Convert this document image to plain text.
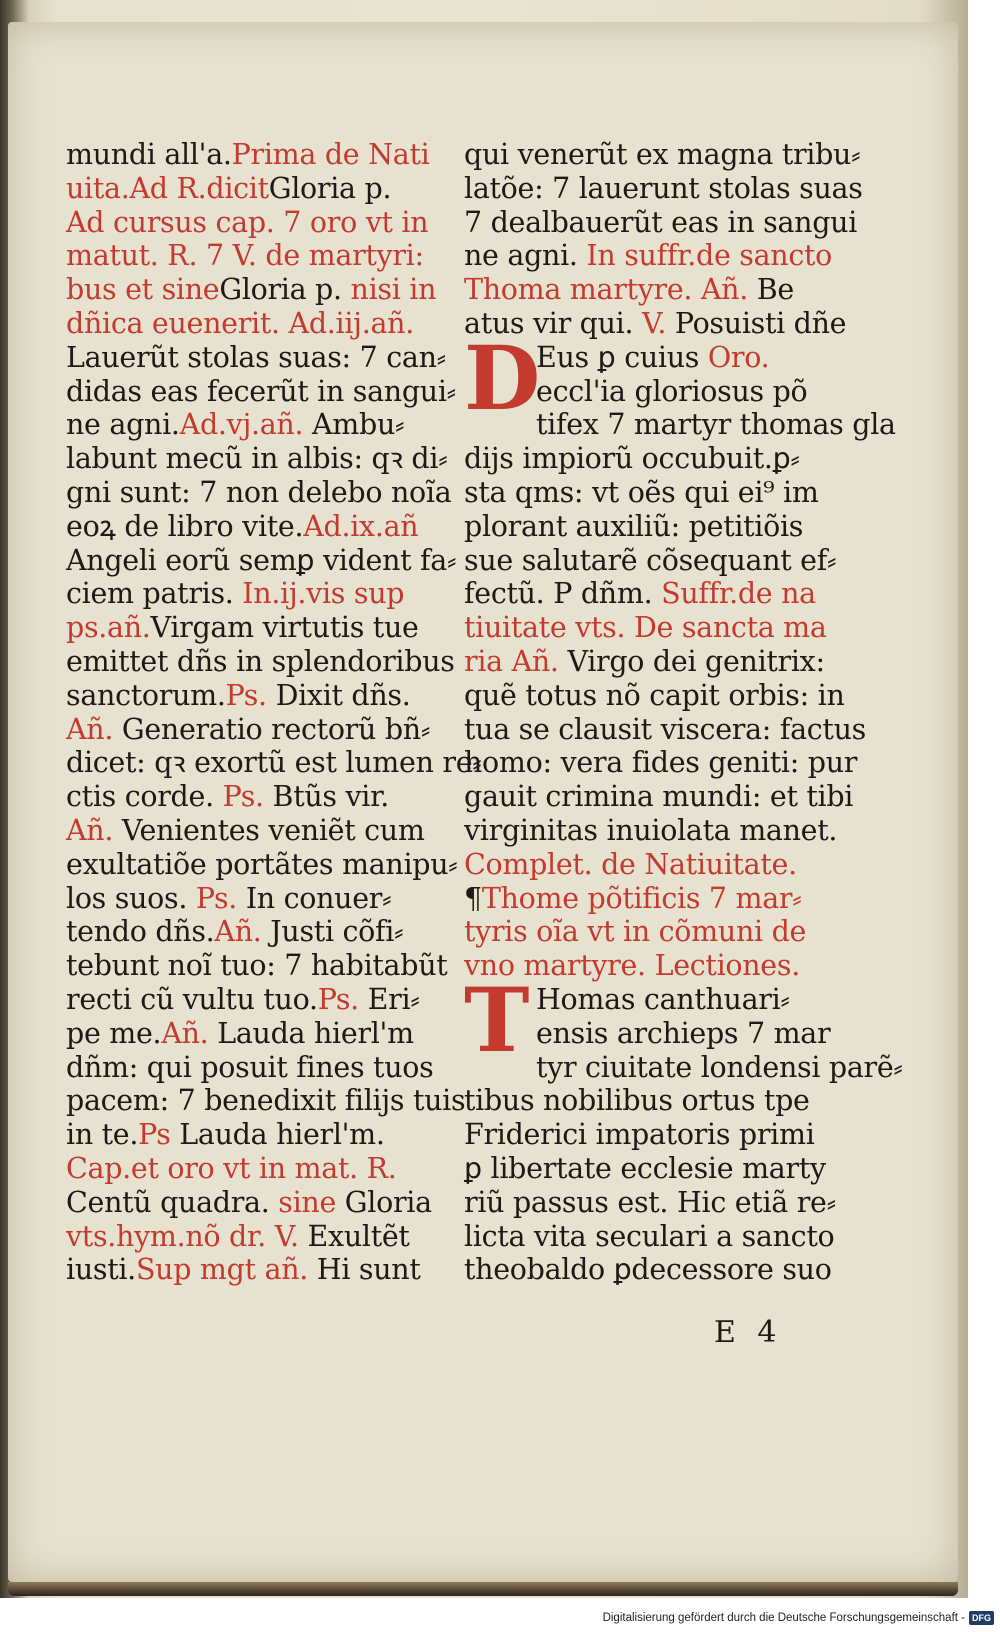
mundi all'a.Prima de Nati
uita.Ad R.dicitGloria p.
Ad cursus cap. 7 oro vt in
matut. R. 7 V. de martyri:
bus et sineGloria p. nisi in
dñica euenerit. Ad.iij.añ.
Lauerũt stolas suas: 7 can⸗
didas eas fecerũt in sangui⸗
ne agni.Ad.vj.añ. Ambu⸗
labunt mecũ in albis: qꝛ di⸗
gni sunt: 7 non delebo noĩa
eoꝝ de libro vite.Ad.ix.añ
Angeli eorũ semꝑ vident fa⸗
ciem patris. In.ij.vis sup
ps.añ.Virgam virtutis tue
emittet dñs in splendoribus
sanctorum.Ps. Dixit dñs.
Añ. Generatio rectorũ bñ⸗
dicet: qꝛ exortũ est lumen re⸗
ctis corde. Ps. Btũs vir.
Añ. Venientes veniẽt cum
exultatiõe portãtes manipu⸗
los suos. Ps. In conuer⸗
tendo dñs.Añ. Justi cõfi⸗
tebunt noĩ tuo: 7 habitabũt
recti cũ vultu tuo.Ps. Eri⸗
pe me.Añ. Lauda hierl'm
dñm: qui posuit fines tuos
pacem: 7 benedixit filijs tuis
in te.Ps Lauda hierl'm.
Cap.et oro vt in mat. R.
Centũ quadra. sine Gloria
vts.hym.nõ dr. V. Exultẽt
iusti.Sup mgt añ. Hi sunt
qui venerũt ex magna tribu⸗
latõe: 7 lauerunt stolas suas
7 dealbauerũt eas in sangui
ne agni. In suffr.de sancto
Thoma martyre. Añ. Be
atus vir qui. V. Posuisti dñe
D
Eus ꝑ cuius Oro.
eccl'ia gloriosus põ
tifex 7 martyr thomas gla
dijs impiorũ occubuit.ꝑ⸗
sta qms: vt oẽs qui ei⁹ im
plorant auxiliũ: petitiõis
sue salutarẽ cõsequant ef⸗
fectũ. P dñm. Suffr.de na
tiuitate vts. De sancta ma
ria Añ. Virgo dei genitrix:
quẽ totus nõ capit orbis: in
tua se clausit viscera: factus
homo: vera fides geniti: pur
gauit crimina mundi: et tibi
virginitas inuiolata manet.
Complet. de Natiuitate.
¶Thome põtificis 7 mar⸗
tyris oĩa vt in cõmuni de
vno martyre. Lectiones.
T Homas canthuari⸗
ensis archieps 7 mar
tyr ciuitate londensi parẽ⸗
tibus nobilibus ortus tpe
Friderici impatoris primi
ꝑ libertate ecclesie marty
riũ passus est. Hic etiã re⸗
licta vita seculari a sancto
theobaldo ꝑdecessore suo
E 4
Digitalisierung gefördert durch die Deutsche Forschungsgemeinschaft - DFG
